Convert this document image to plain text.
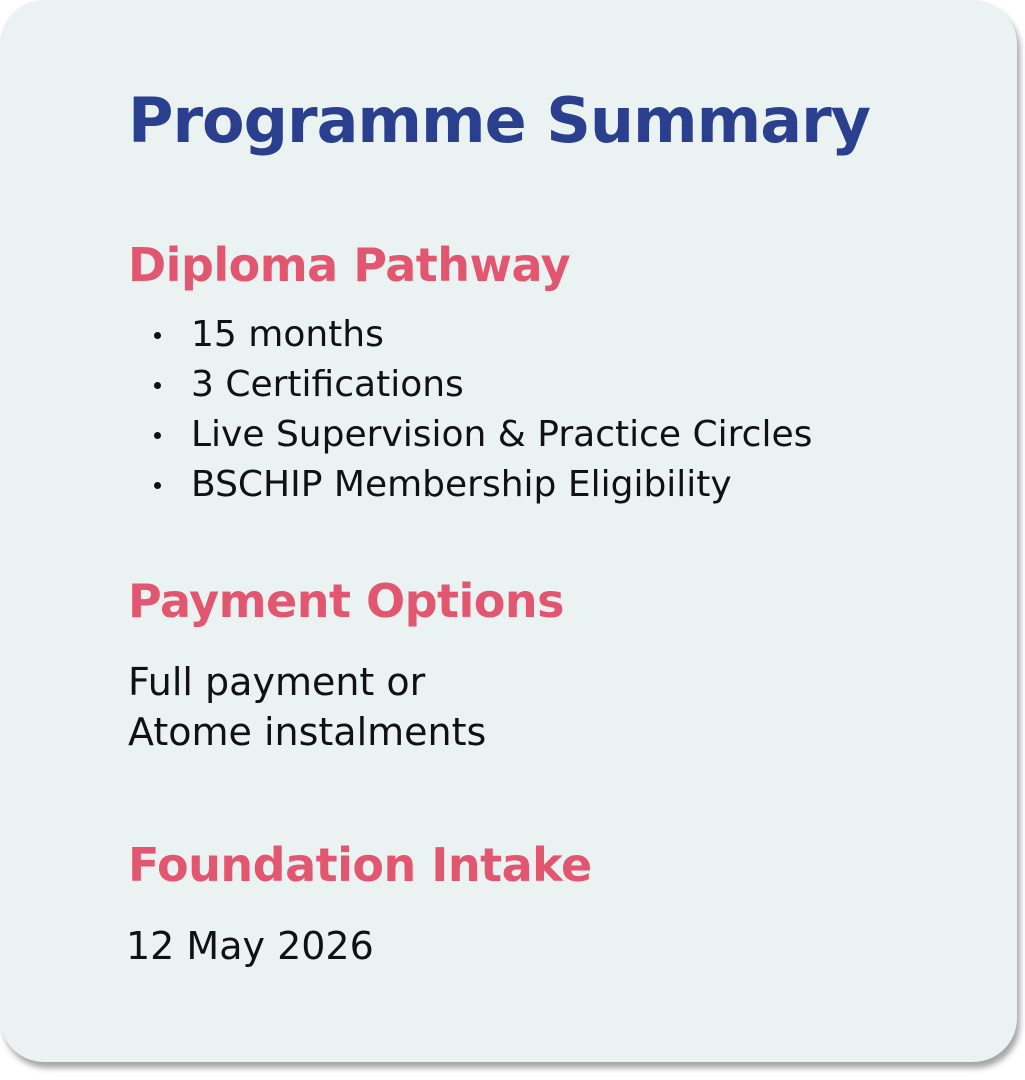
Programme Summary
Diploma Pathway
15 months
3 Certifications
Live Supervision & Practice Circles
BSCHIP Membership Eligibility
Payment Options

Full payment or

Atome instalments

Foundation Intake

12 May 2026
